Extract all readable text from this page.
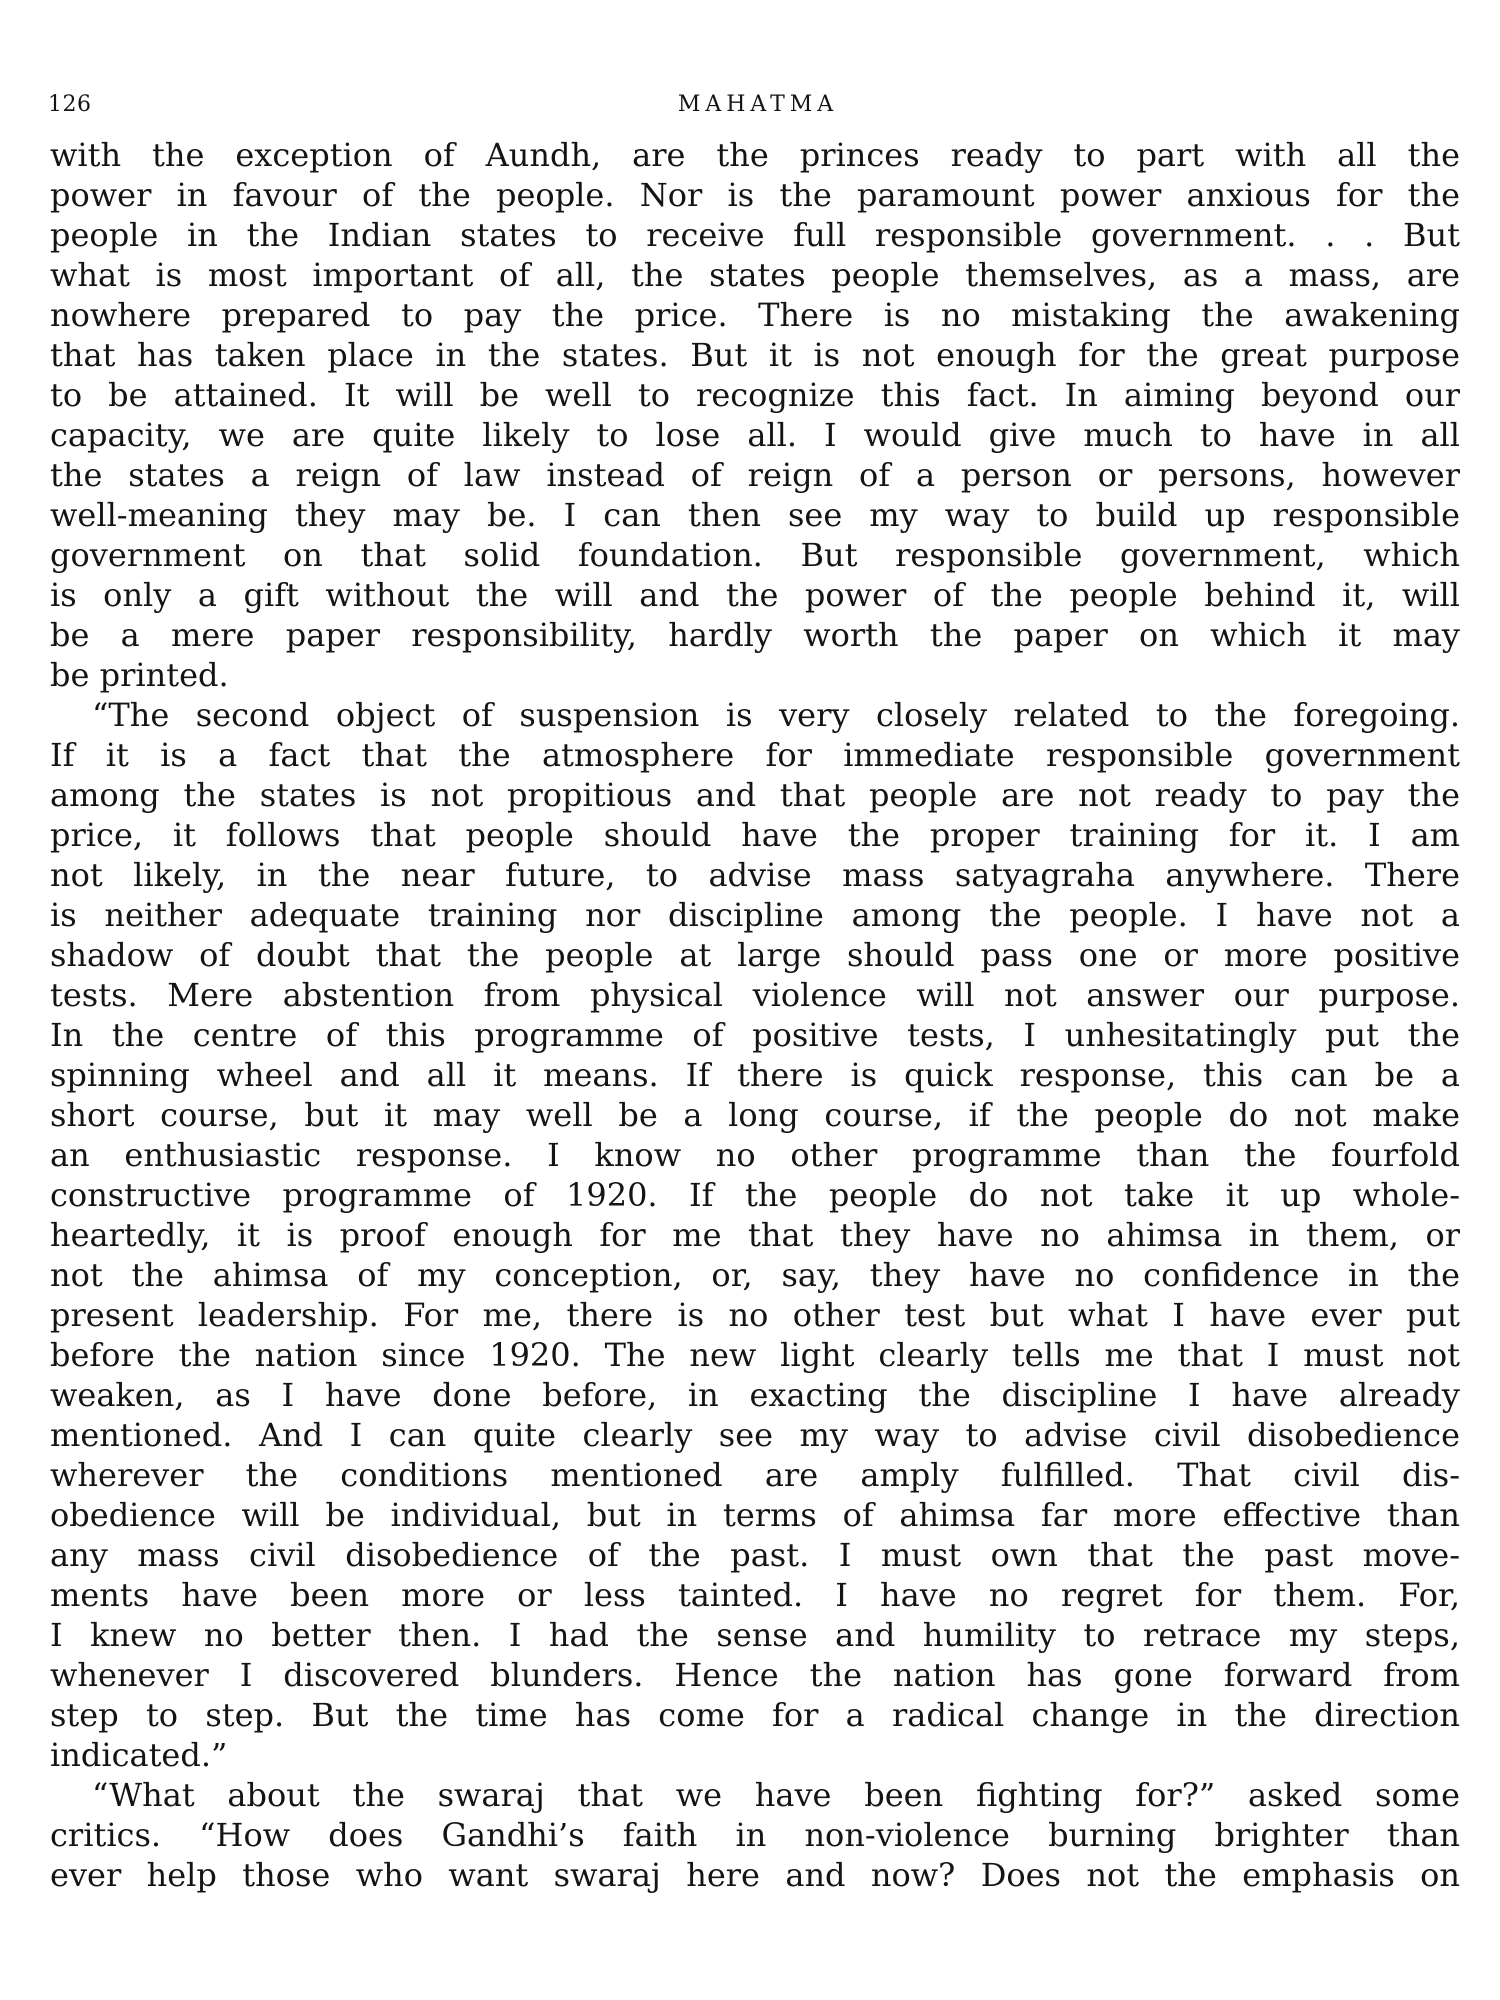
126	MAHATMA
with the exception of Aundh, are the princes ready to part with all the
power in favour of the people. Nor is the paramount power anxious for the
people in the Indian states to receive full responsible government. . . But
what is most important of all, the states people themselves, as a mass, are
nowhere prepared to pay the price. There is no mistaking the awakening
that has taken place in the states. But it is not enough for the great purpose
to be attained. It will be well to recognize this fact. In aiming beyond our
capacity, we are quite likely to lose all. I would give much to have in all
the states a reign of law instead of reign of a person or persons, however
well-meaning they may be. I can then see my way to build up responsible
government on that solid foundation. But responsible government, which
is only a gift without the will and the power of the people behind it, will
be a mere paper responsibility, hardly worth the paper on which it may
be printed.
“The second object of suspension is very closely related to the foregoing.
If it is a fact that the atmosphere for immediate responsible government
among the states is not propitious and that people are not ready to pay the
price, it follows that people should have the proper training for it. I am
not likely, in the near future, to advise mass satyagraha anywhere. There
is neither adequate training nor discipline among the people. I have not a
shadow of doubt that the people at large should pass one or more positive
tests. Mere abstention from physical violence will not answer our purpose.
In the centre of this programme of positive tests, I unhesitatingly put the
spinning wheel and all it means. If there is quick response, this can be a
short course, but it may well be a long course, if the people do not make
an enthusiastic response. I know no other programme than the fourfold
constructive programme of 1920. If the people do not take it up whole-
heartedly, it is proof enough for me that they have no ahimsa in them, or
not the ahimsa of my conception, or, say, they have no confidence in the
present leadership. For me, there is no other test but what I have ever put
before the nation since 1920. The new light clearly tells me that I must not
weaken, as I have done before, in exacting the discipline I have already
mentioned. And I can quite clearly see my way to advise civil disobedience
wherever the conditions mentioned are amply fulfilled. That civil dis-
obedience will be individual, but in terms of ahimsa far more effective than
any mass civil disobedience of the past. I must own that the past move-
ments have been more or less tainted. I have no regret for them. For,
I knew no better then. I had the sense and humility to retrace my steps,
whenever I discovered blunders. Hence the nation has gone forward from
step to step. But the time has come for a radical change in the direction
indicated.”
“What about the swaraj that we have been fighting for?” asked some
critics. “How does Gandhi’s faith in non-violence burning brighter than
ever help those who want swaraj here and now? Does not the emphasis on
